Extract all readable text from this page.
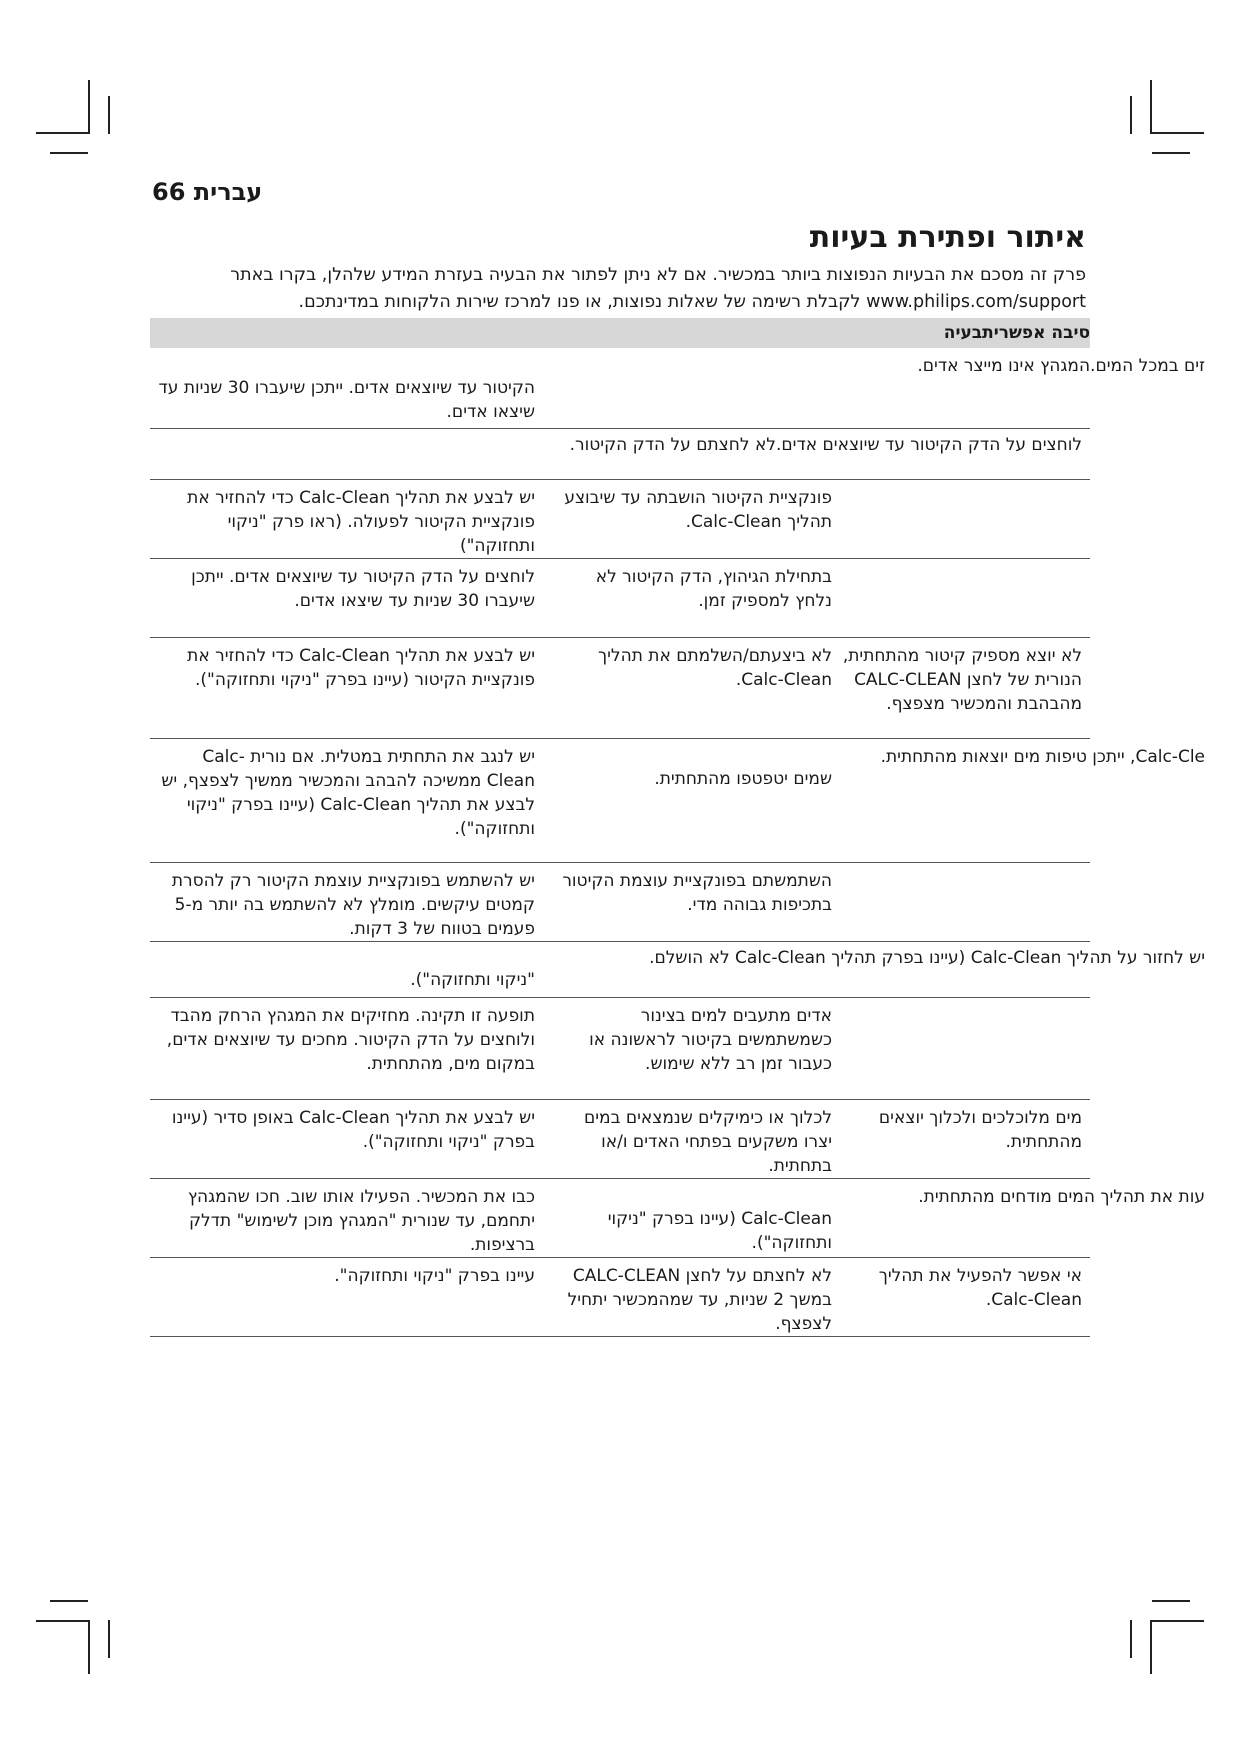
עברית 66
איתור ופתירת בעיות
פרק זה מסכם את הבעיות הנפוצות ביותר במכשיר. אם לא ניתן לפתור את הבעיה בעזרת המידע שלהלן, בקרו באתר www.philips.com/support לקבלת רשימה של שאלות נפוצות, או פנו למרכז שירות הלקוחות במדינתכם.
סיבה אפשריתבעיה
זים במכל המים.המגהץ אינו מייצר אדים.
הקיטור עד שיוצאים אדים. ייתכן שיעברו 30 שניות עד שיצאו אדים.
לוחצים על הדק הקיטור עד שיוצאים אדים.לא לחצתם על הדק הקיטור.
פונקציית הקיטור הושבתה עד שיבוצע תהליך Calc-Clean.
יש לבצע את תהליך Calc-Clean כדי להחזיר את פונקציית הקיטור לפעולה. (ראו פרק "ניקוי ותחזוקה")
בתחילת הגיהוץ, הדק הקיטור לא נלחץ למספיק זמן.
לוחצים על הדק הקיטור עד שיוצאים אדים. ייתכן שיעברו 30 שניות עד שיצאו אדים.
לא יוצא מספיק קיטור מהתחתית, הנורית של לחצן CALC-CLEAN מהבהבת והמכשיר מצפצף.
לא ביצעתם/השלמתם את תהליך Calc-Clean.
יש לבצע את תהליך Calc-Clean כדי להחזיר את פונקציית הקיטור (עיינו בפרק "ניקוי ותחזוקה").
Calc-Cle, ייתכן טיפות מים יוצאות מהתחתית.
שמים יטפטפו מהתחתית.
יש לנגב את התחתית במטלית. אם נורית Calc-Clean ממשיכה להבהב והמכשיר ממשיך לצפצף, יש לבצע את תהליך Calc-Clean (עיינו בפרק "ניקוי ותחזוקה").
השתמשתם בפונקציית עוצמת הקיטור בתכיפות גבוהה מדי.
יש להשתמש בפונקציית עוצמת הקיטור רק להסרת קמטים עיקשים. מומלץ לא להשתמש בה יותר מ-5 פעמים בטווח של 3 דקות.
יש לחזור על תהליך Calc-Clean (עיינו בפרק תהליך Calc-Clean לא הושלם.
"ניקוי ותחזוקה").
אדים מתעבים למים בצינור כשמשתמשים בקיטור לראשונה או כעבור זמן רב ללא שימוש.
תופעה זו תקינה. מחזיקים את המגהץ הרחק מהבד ולוחצים על הדק הקיטור. מחכים עד שיוצאים אדים, במקום מים, מהתחתית.
מים מלוכלכים ולכלוך יוצאים מהתחתית.
לכלוך או כימיקלים שנמצאים במים יצרו משקעים בפתחי האדים ו/או בתחתית.
יש לבצע את תהליך Calc-Clean באופן סדיר (עיינו בפרק "ניקוי ותחזוקה").
עות את תהליך המים מודחים מהתחתית.
Calc-Clean (עיינו בפרק "ניקוי ותחזוקה").
כבו את המכשיר. הפעילו אותו שוב. חכו שהמגהץ יתחמם, עד שנורית "המגהץ מוכן לשימוש" תדלק ברציפות.
אי אפשר להפעיל את תהליך Calc-Clean.
לא לחצתם על לחצן CALC-CLEAN במשך 2 שניות, עד שמהמכשיר יתחיל לצפצף.
עיינו בפרק "ניקוי ותחזוקה".
